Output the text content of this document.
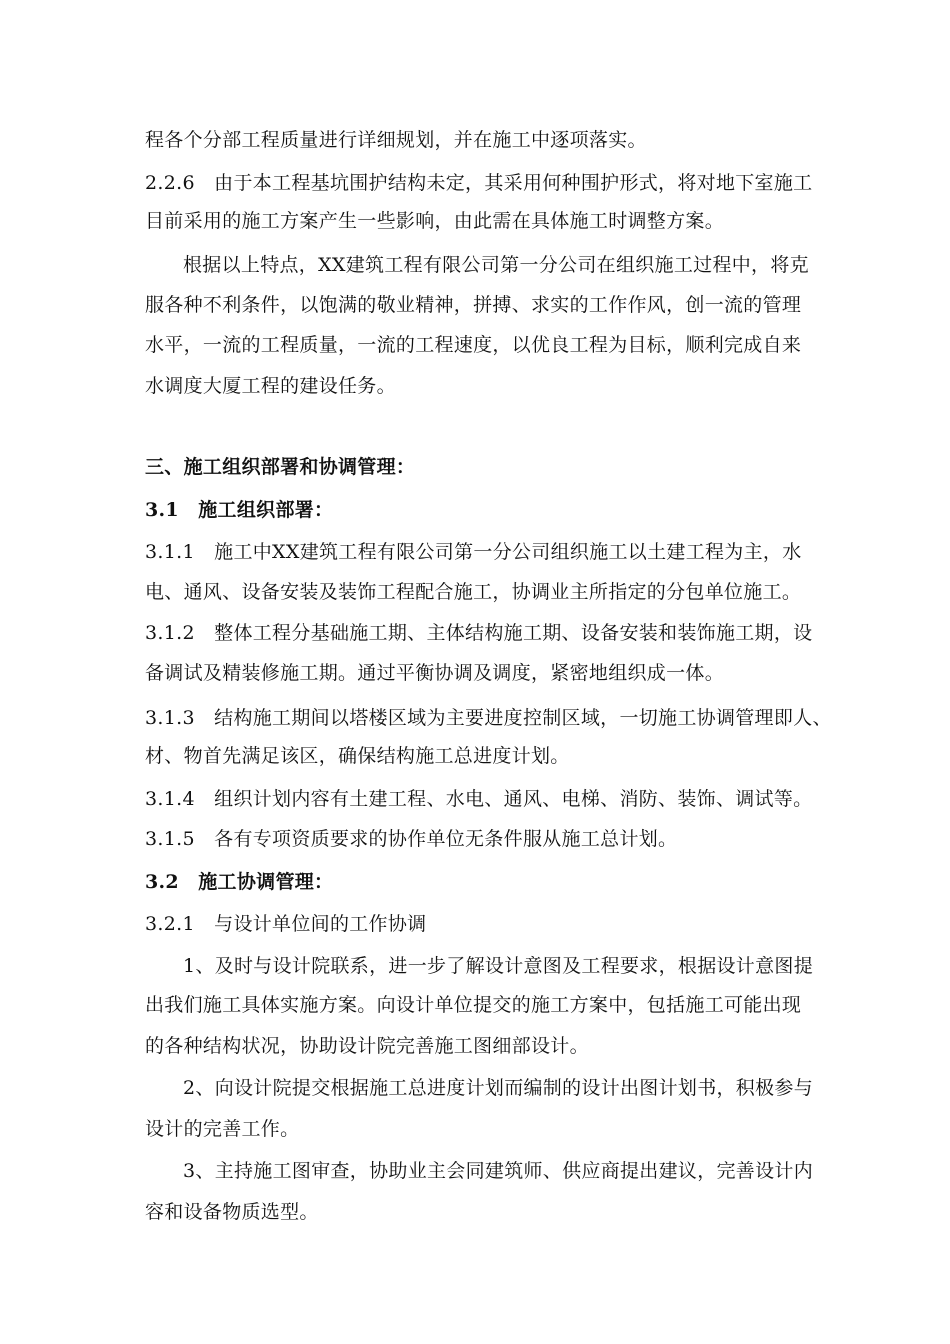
程各个分部工程质量进行详细规划，并在施工中逐项落实。
2.2.6　由于本工程基坑围护结构未定，其采用何种围护形式，将对地下室施工
目前采用的施工方案产生一些影响，由此需在具体施工时调整方案。
根据以上特点，XX建筑工程有限公司第一分公司在组织施工过程中，将克
服各种不利条件，以饱满的敬业精神，拼搏、求实的工作作风，创一流的管理
水平，一流的工程质量，一流的工程速度，以优良工程为目标，顺利完成自来
水调度大厦工程的建设任务。
三、施工组织部署和协调管理：
3.1　施工组织部署：
3.1.1　施工中XX建筑工程有限公司第一分公司组织施工以土建工程为主，水
电、通风、设备安装及装饰工程配合施工，协调业主所指定的分包单位施工。
3.1.2　整体工程分基础施工期、主体结构施工期、设备安装和装饰施工期，设
备调试及精装修施工期。通过平衡协调及调度，紧密地组织成一体。
3.1.3　结构施工期间以塔楼区域为主要进度控制区域，一切施工协调管理即人、
材、物首先满足该区，确保结构施工总进度计划。
3.1.4　组织计划内容有土建工程、水电、通风、电梯、消防、装饰、调试等。
3.1.5　各有专项资质要求的协作单位无条件服从施工总计划。
3.2　施工协调管理：
3.2.1　与设计单位间的工作协调
1、及时与设计院联系，进一步了解设计意图及工程要求，根据设计意图提
出我们施工具体实施方案。向设计单位提交的施工方案中，包括施工可能出现
的各种结构状况，协助设计院完善施工图细部设计。
2、向设计院提交根据施工总进度计划而编制的设计出图计划书，积极参与
设计的完善工作。
3、主持施工图审查，协助业主会同建筑师、供应商提出建议，完善设计内
容和设备物质选型。
